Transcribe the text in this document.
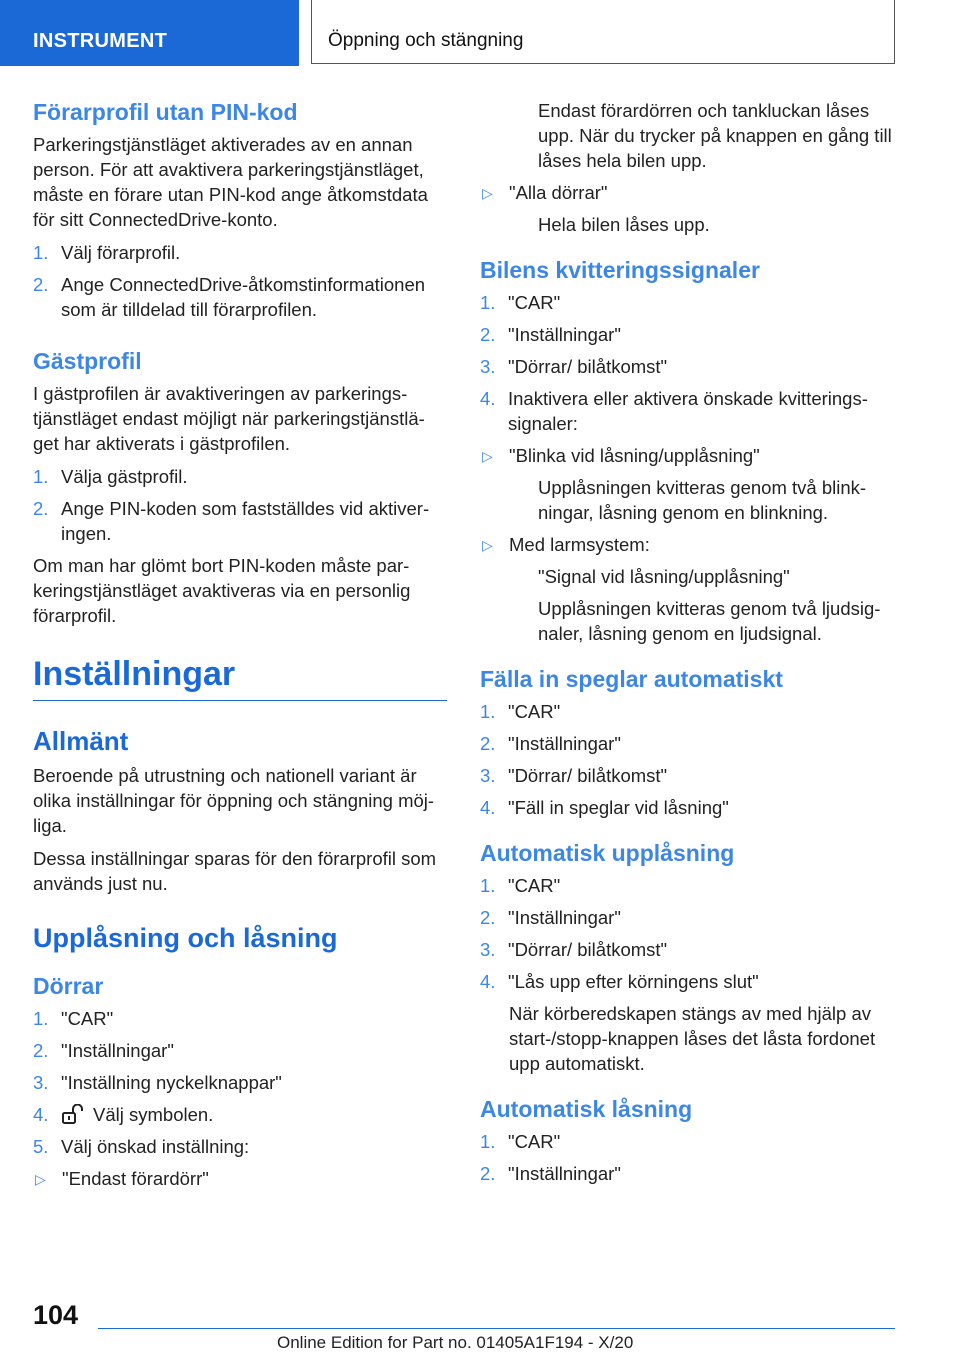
INSTRUMENT	Öppning och stängning
Förarprofil utan PIN-kod

Parkeringstjänstläget aktiverades av en annan person. För att avaktivera parkeringstjänstläget, måste en förare utan PIN-kod ange åtkomstdata för sitt ConnectedDrive-konto.

1. Välj förarprofil.
2. Ange ConnectedDrive-åtkomstinformationen som är tilldelad till förarprofilen.
Gästprofil

I gästprofilen är avaktiveringen av parkerings‐tjänstläget endast möjligt när parkeringstjänstlä‐get har aktiverats i gästprofilen.

1. Välja gästprofil.
2. Ange PIN-koden som fastställdes vid aktiver‐ingen.

Om man har glömt bort PIN-koden måste par‐keringstjänstläget avaktiveras via en personlig förarprofil.

Inställningar
Allmänt

Beroende på utrustning och nationell variant är olika inställningar för öppning och stängning möj‐liga.

Dessa inställningar sparas för den förarprofil som används just nu.

Upplåsning och låsning
Dörrar
1. "CAR"
2. "Inställningar"
3. "Inställning nyckelknappar"
4. Välj symbolen.
5. Välj önskad inställning:
▷ "Endast förardörr"
Endast förardörren och tankluckan låses upp. När du trycker på knappen en gång till låses hela bilen upp.
▷ "Alla dörrar"
Hela bilen låses upp.
Bilens kvitteringssignaler
1. "CAR"
2. "Inställningar"
3. "Dörrar/ bilåtkomst"
4. Inaktivera eller aktivera önskade kvitterings‐signaler:
▷ "Blinka vid låsning/upplåsning"
Upplåsningen kvitteras genom två blink‐ningar, låsning genom en blinkning.
▷ Med larmsystem:
"Signal vid låsning/upplåsning"
Upplåsningen kvitteras genom två ljudsig‐naler, låsning genom en ljudsignal.
Fälla in speglar automatiskt
1. "CAR"
2. "Inställningar"
3. "Dörrar/ bilåtkomst"
4. "Fäll in speglar vid låsning"
Automatisk upplåsning
1. "CAR"
2. "Inställningar"
3. "Dörrar/ bilåtkomst"
4. "Lås upp efter körningens slut"
När körberedskapen stängs av med hjälp av start-/stopp-knappen låses det låsta fordonet upp automatiskt.
Automatisk låsning
1. "CAR"
2. "Inställningar"
104
Online Edition for Part no. 01405A1F194 - X/20
